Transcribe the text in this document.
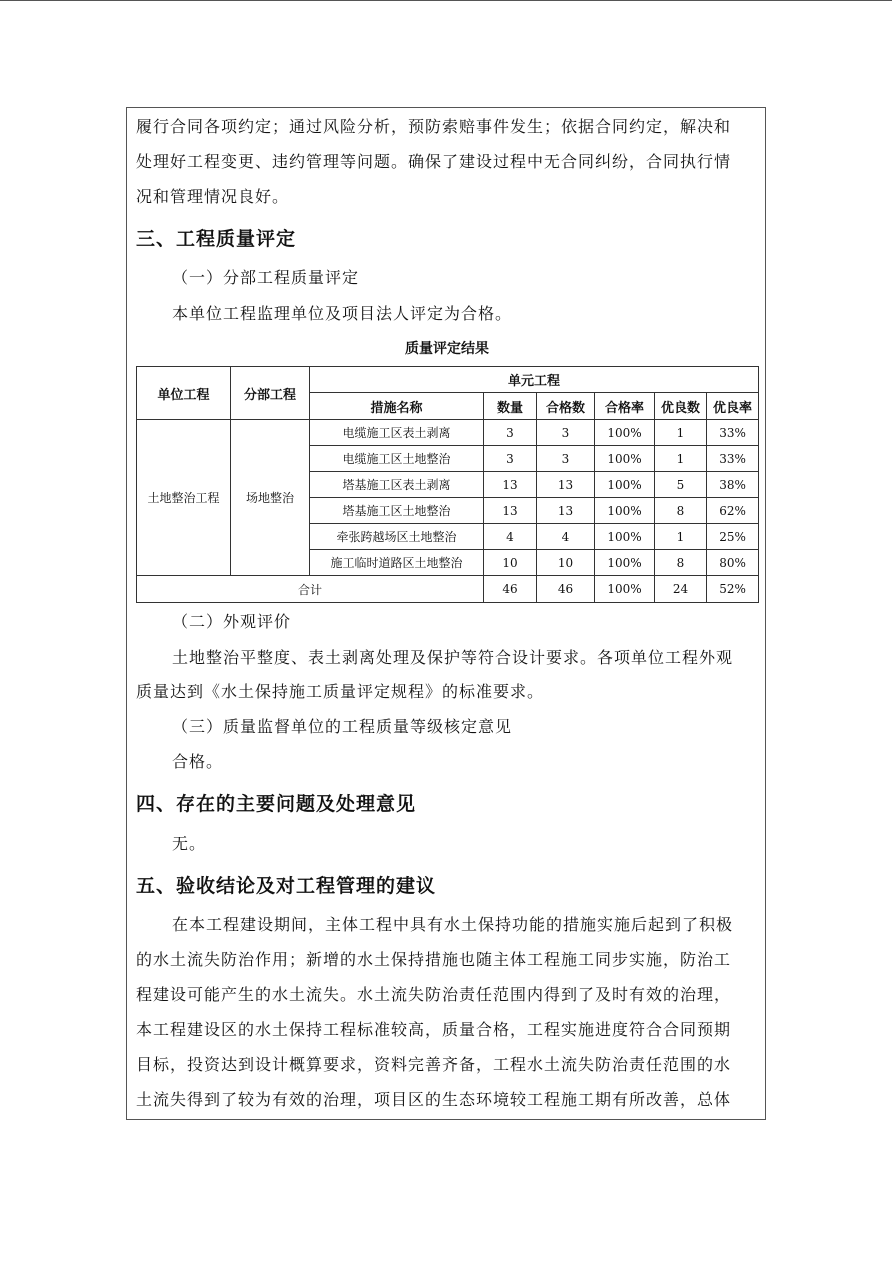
履行合同各项约定；通过风险分析，预防索赔事件发生；依据合同约定，解决和
处理好工程变更、违约管理等问题。确保了建设过程中无合同纠纷，合同执行情
况和管理情况良好。
三、工程质量评定
（一）分部工程质量评定
本单位工程监理单位及项目法人评定为合格。
质量评定结果
单位工程	分部工程	单元工程					
		措施名称	数量	合格数	合格率	优良数	优良率
土地整治工程	场地整治	电缆施工区表土剥离	3	3	100%	1	33%
		电缆施工区土地整治	3	3	100%	1	33%
		塔基施工区表土剥离	13	13	100%	5	38%
		塔基施工区土地整治	13	13	100%	8	62%
		牵张跨越场区土地整治	4	4	100%	1	25%
		施工临时道路区土地整治	10	10	100%	8	80%
合计			46	46	100%	24	52%
（二）外观评价
土地整治平整度、表土剥离处理及保护等符合设计要求。各项单位工程外观
质量达到《水土保持施工质量评定规程》的标准要求。
（三）质量监督单位的工程质量等级核定意见
合格。
四、存在的主要问题及处理意见
无。
五、验收结论及对工程管理的建议
在本工程建设期间，主体工程中具有水土保持功能的措施实施后起到了积极
的水土流失防治作用；新增的水土保持措施也随主体工程施工同步实施，防治工
程建设可能产生的水土流失。水土流失防治责任范围内得到了及时有效的治理，
本工程建设区的水土保持工程标准较高，质量合格，工程实施进度符合合同预期
目标，投资达到设计概算要求，资料完善齐备，工程水土流失防治责任范围的水
土流失得到了较为有效的治理，项目区的生态环境较工程施工期有所改善，总体
